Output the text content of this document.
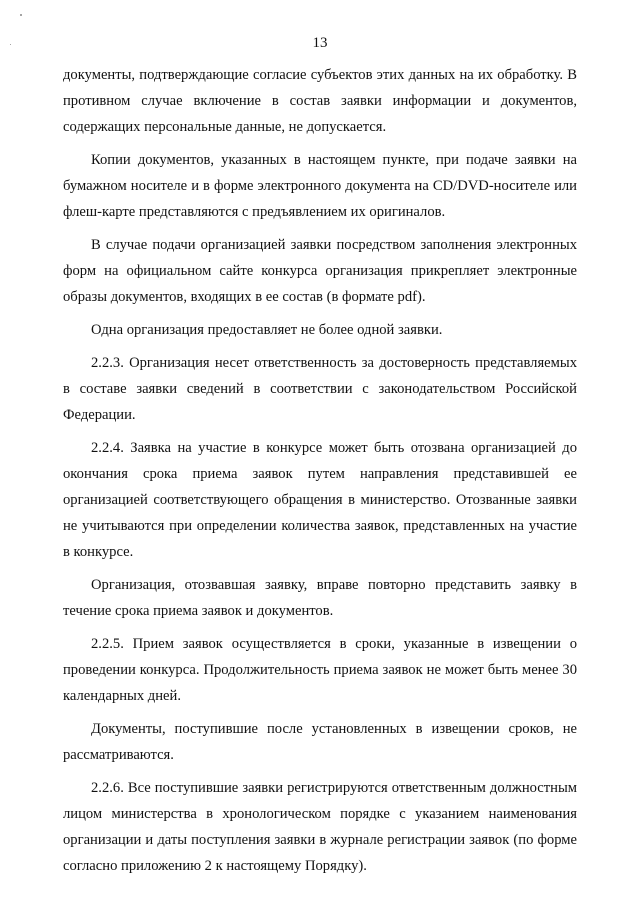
13

документы, подтверждающие согласие субъектов этих данных на их обработку. В противном случае включение в состав заявки информации и документов, содержащих персональные данные, не допускается.

Копии документов, указанных в настоящем пункте, при подаче заявки на бумажном носителе и в форме электронного документа на CD/DVD-носителе или флеш-карте представляются с предъявлением их оригиналов.

В случае подачи организацией заявки посредством заполнения электронных форм на официальном сайте конкурса организация прикрепляет электронные образы документов, входящих в ее состав (в формате pdf).

Одна организация предоставляет не более одной заявки.

2.2.3. Организация несет ответственность за достоверность представляемых в составе заявки сведений в соответствии с законодательством Российской Федерации.

2.2.4. Заявка на участие в конкурсе может быть отозвана организацией до окончания срока приема заявок путем направления представившей ее организацией соответствующего обращения в министерство. Отозванные заявки не учитываются при определении количества заявок, представленных на участие в конкурсе.

Организация, отозвавшая заявку, вправе повторно представить заявку в течение срока приема заявок и документов.

2.2.5. Прием заявок осуществляется в сроки, указанные в извещении о проведении конкурса. Продолжительность приема заявок не может быть менее 30 календарных дней.

Документы, поступившие после установленных в извещении сроков, не рассматриваются.

2.2.6. Все поступившие заявки регистрируются ответственным должностным лицом министерства в хронологическом порядке с указанием наименования организации и даты поступления заявки в журнале регистрации заявок (по форме согласно приложению 2 к настоящему Порядку).
